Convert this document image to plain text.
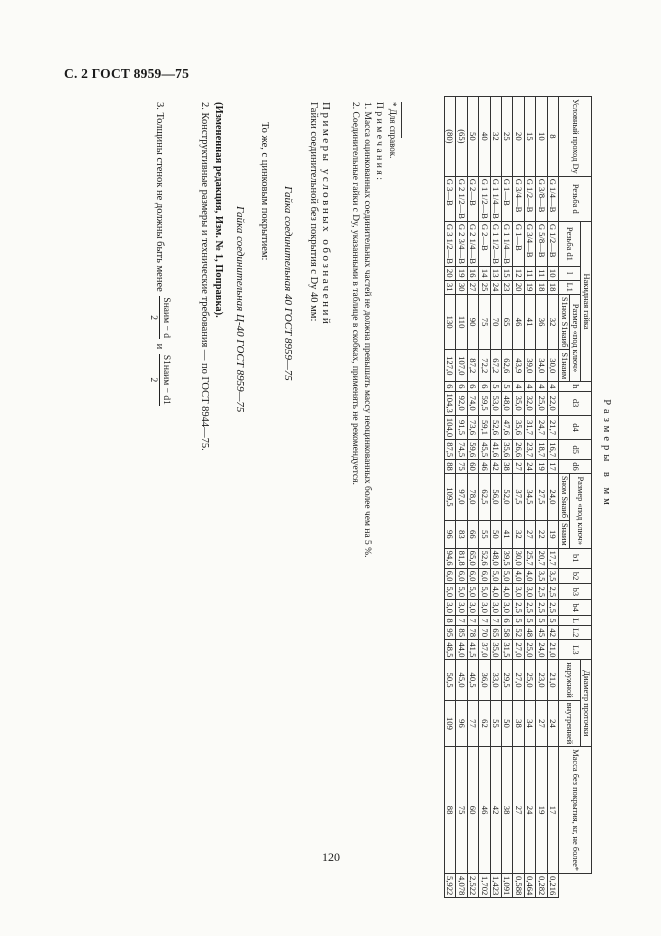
С. 2 ГОСТ 8959—75
Размеры в мм
Условный проход Dy	Резьба d	Накидная гайка					h	d3	d4	d5	d6	Размер «под ключ»		b1	b2	b3	b4	L	L2	L3	Диаметр проточки		Масса без покрытия, кг, не более*	
		Резьба d1	l	L1	Размер «под ключ»																наружной	внутренней		
					S1ном S1наиб	S1наим						Sном Sнаиб	Sнаим											
8	G 1/4—B	G 1/2—B	10	18	32	30,0	4	22,0	21,7	16,7	17	24,0	19	17,7	3,5	2,5	2,5	5	42	21,0	21,0	24	17	0,216
10	G 3/8—B	G 5/8—B	11	18	36	34,0	4	25,0	24,7	18,7	19	27,5	22	20,7	3,5	2,5	2,5	5	45	24,0	23,0	27	19	0,282
15	G 1/2—B	G 3/4—B	11	19	41	39,0	4	32,0	31,7	23,7	24	34,5	27	25,7	4,0	3,0	2,5	5	48	25,0	25,0	34	24	0,464
20	G 3/4—B	G 1—B	12	20	46	43,9	4	35,0	35,6	26,6	27	37,5	32	30,0	4,0	3,0	2,5	5	52	27,0	27,0	38	27	0,588
25	G 1—B	G 1 1/4—B	15	23	65	62,6	5	48,0	47,6	35,6	38	52,0	41	39,5	5,0	4,0	3,0	6	58	31,5	29,5	50	38	1,091
32	G 1 1/4—B	G 1 1/2—B	13	24	70	67,2	5	53,0	52,6	41,6	42	56,0	50	48,0	5,0	4,0	3,0	7	65	35,0	33,0	55	42	1,423
40	G 1 1/2—B	G 2—B	14	25	75	72,2	6	59,5	59,1	45,5	46	62,5	55	52,6	6,0	5,0	3,0	7	70	37,0	36,0	62	46	1,702
50	G 2—B	G 2 1/4—B	16	27	90	87,2	6	74,0	73,6	59,6	60	78,0	66	65,0	6,0	5,0	3,0	7	78	41,5	40,5	77	60	2,522
(65)	G 2 1/2—B	G 2 3/4—B	19	30	110	107,0	6	92,0	91,5	74,5	75	97,0	83	81,8	6,0	5,0	3,0	7	85	44,0	45,0	96	75	4,078
(80)	G 3—B	G 3 1/2—B	20	31	130	127,0	6	104,3	104,0	87,5	88	109,5	96	94,6	6,0	5,0	3,0	8	95	48,5	50,5	109	88	5,922
* Для справок.
Примечания:
1. Масса оцинкованных соединительных частей не должна превышать массу неоцинкованных более чем на 5 %.
2. Соединительные гайки с Dy, указанными в таблице в скобках, применять не рекомендуется.
Примеры условных обозначений
Гайки соединительной без покрытия с Dy 40 мм:
Гайка соединительная 40 ГОСТ 8959—75
То же, с цинковым покрытием:
Гайка соединительная Ц-40 ГОСТ 8959—75
(Измененная редакция, Изм. № 1, Поправка).
2. Конструктивные размеры и технические требования — по ГОСТ 8944—75.
3. Толщины стенок не должны быть менее
Sнаим − d
2
и
S1наим − d1
2
120
